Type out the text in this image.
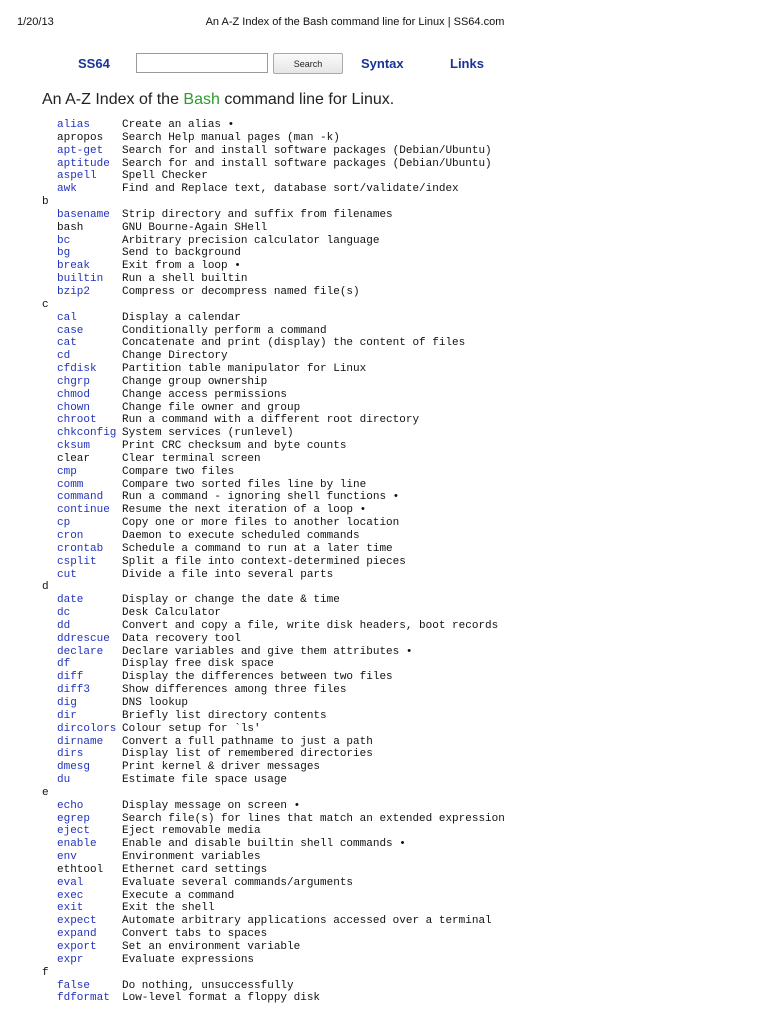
1/20/13	An A-Z Index of the Bash command line for Linux | SS64.com
SS64	Search	Syntax	Links
An A-Z Index of the Bash command line for Linux.
alias	Create an alias •
apropos Search Help manual pages (man -k)
apt-get Search for and install software packages (Debian/Ubuntu)
aptitude Search for and install software packages (Debian/Ubuntu)
aspell Spell Checker
awk	Find and Replace text, database sort/validate/index
b
basename Strip directory and suffix from filenames
bash	GNU Bourne-Again SHell
bc	Arbitrary precision calculator language
bg	Send to background
break	Exit from a loop •
builtin Run a shell builtin
bzip2	Compress or decompress named file(s)
c
cal	Display a calendar
case	Conditionally perform a command
cat	Concatenate and print (display) the content of files
cd	Change Directory
cfdisk Partition table manipulator for Linux
chgrp	Change group ownership
chmod	Change access permissions
chown	Change file owner and group
chroot Run a command with a different root directory
chkconfig System services (runlevel)
cksum	Print CRC checksum and byte counts
clear	Clear terminal screen
cmp	Compare two files
comm	Compare two sorted files line by line
command Run a command - ignoring shell functions •
continue Resume the next iteration of a loop •
cp	Copy one or more files to another location
cron	Daemon to execute scheduled commands
crontab Schedule a command to run at a later time
csplit Split a file into context-determined pieces
cut	Divide a file into several parts
d
date	Display or change the date & time
dc	Desk Calculator
dd	Convert and copy a file, write disk headers, boot records
ddrescue Data recovery tool
declare Declare variables and give them attributes •
df	Display free disk space
diff	Display the differences between two files
diff3	Show differences among three files
dig	DNS lookup
dir	Briefly list directory contents
dircolors Colour setup for `ls'
dirname Convert a full pathname to just a path
dirs	Display list of remembered directories
dmesg	Print kernel & driver messages
du	Estimate file space usage
e
echo	Display message on screen •
egrep	Search file(s) for lines that match an extended expression
eject	Eject removable media
enable Enable and disable builtin shell commands •
env	Environment variables
ethtool Ethernet card settings
eval	Evaluate several commands/arguments
exec	Execute a command
exit	Exit the shell
expect Automate arbitrary applications accessed over a terminal
expand Convert tabs to spaces
export Set an environment variable
expr	Evaluate expressions
f
false	Do nothing, unsuccessfully
fdformat Low-level format a floppy disk
